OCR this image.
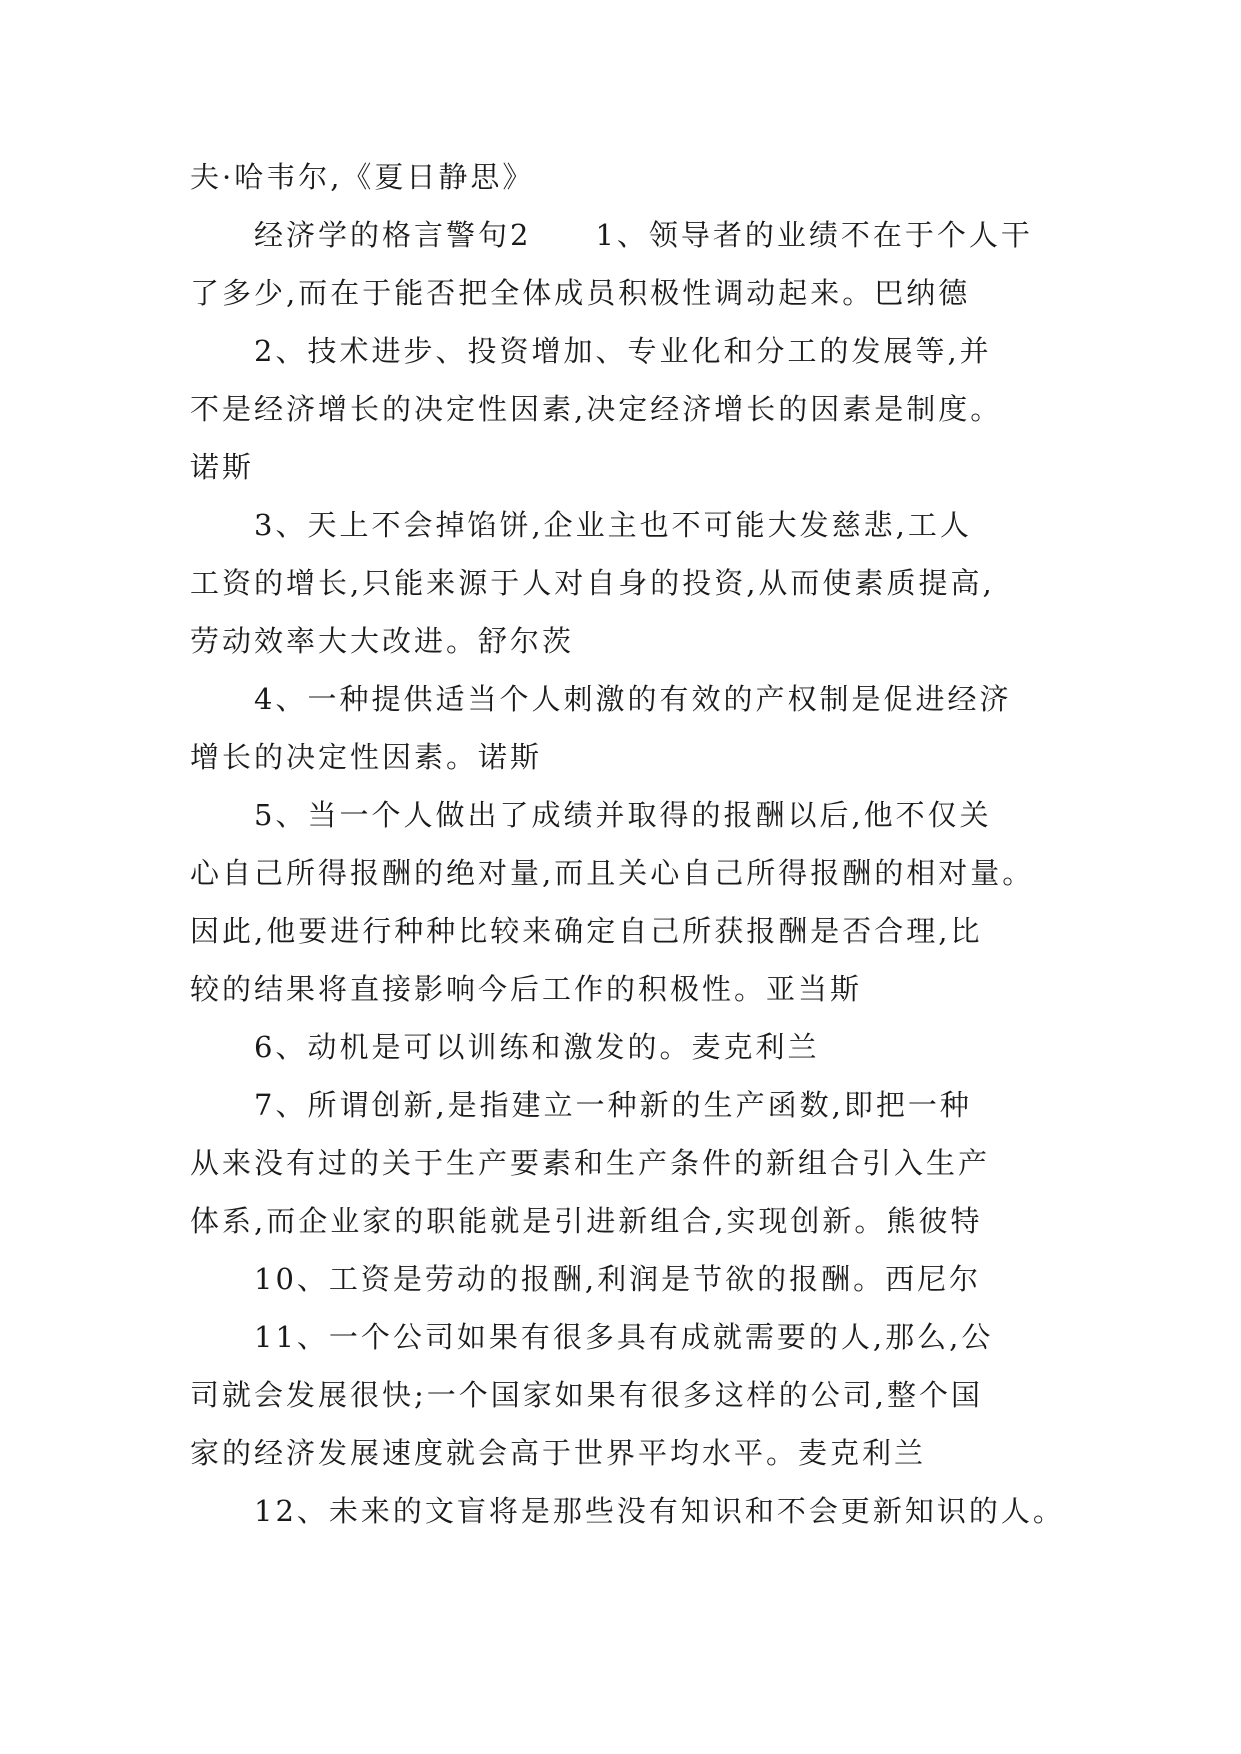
夫·哈韦尔,《夏日静思》

经济学的格言警句2　　1、领导者的业绩不在于个人干

了多少,而在于能否把全体成员积极性调动起来。巴纳德

2、技术进步、投资增加、专业化和分工的发展等,并

不是经济增长的决定性因素,决定经济增长的因素是制度。

诺斯

3、天上不会掉馅饼,企业主也不可能大发慈悲,工人

工资的增长,只能来源于人对自身的投资,从而使素质提高,

劳动效率大大改进。舒尔茨

4、一种提供适当个人刺激的有效的产权制是促进经济

增长的决定性因素。诺斯

5、当一个人做出了成绩并取得的报酬以后,他不仅关

心自己所得报酬的绝对量,而且关心自己所得报酬的相对量。

因此,他要进行种种比较来确定自己所获报酬是否合理,比

较的结果将直接影响今后工作的积极性。亚当斯

6、动机是可以训练和激发的。麦克利兰

7、所谓创新,是指建立一种新的生产函数,即把一种

从来没有过的关于生产要素和生产条件的新组合引入生产

体系,而企业家的职能就是引进新组合,实现创新。熊彼特

10、工资是劳动的报酬,利润是节欲的报酬。西尼尔

11、一个公司如果有很多具有成就需要的人,那么,公

司就会发展很快;一个国家如果有很多这样的公司,整个国

家的经济发展速度就会高于世界平均水平。麦克利兰

12、未来的文盲将是那些没有知识和不会更新知识的人。
